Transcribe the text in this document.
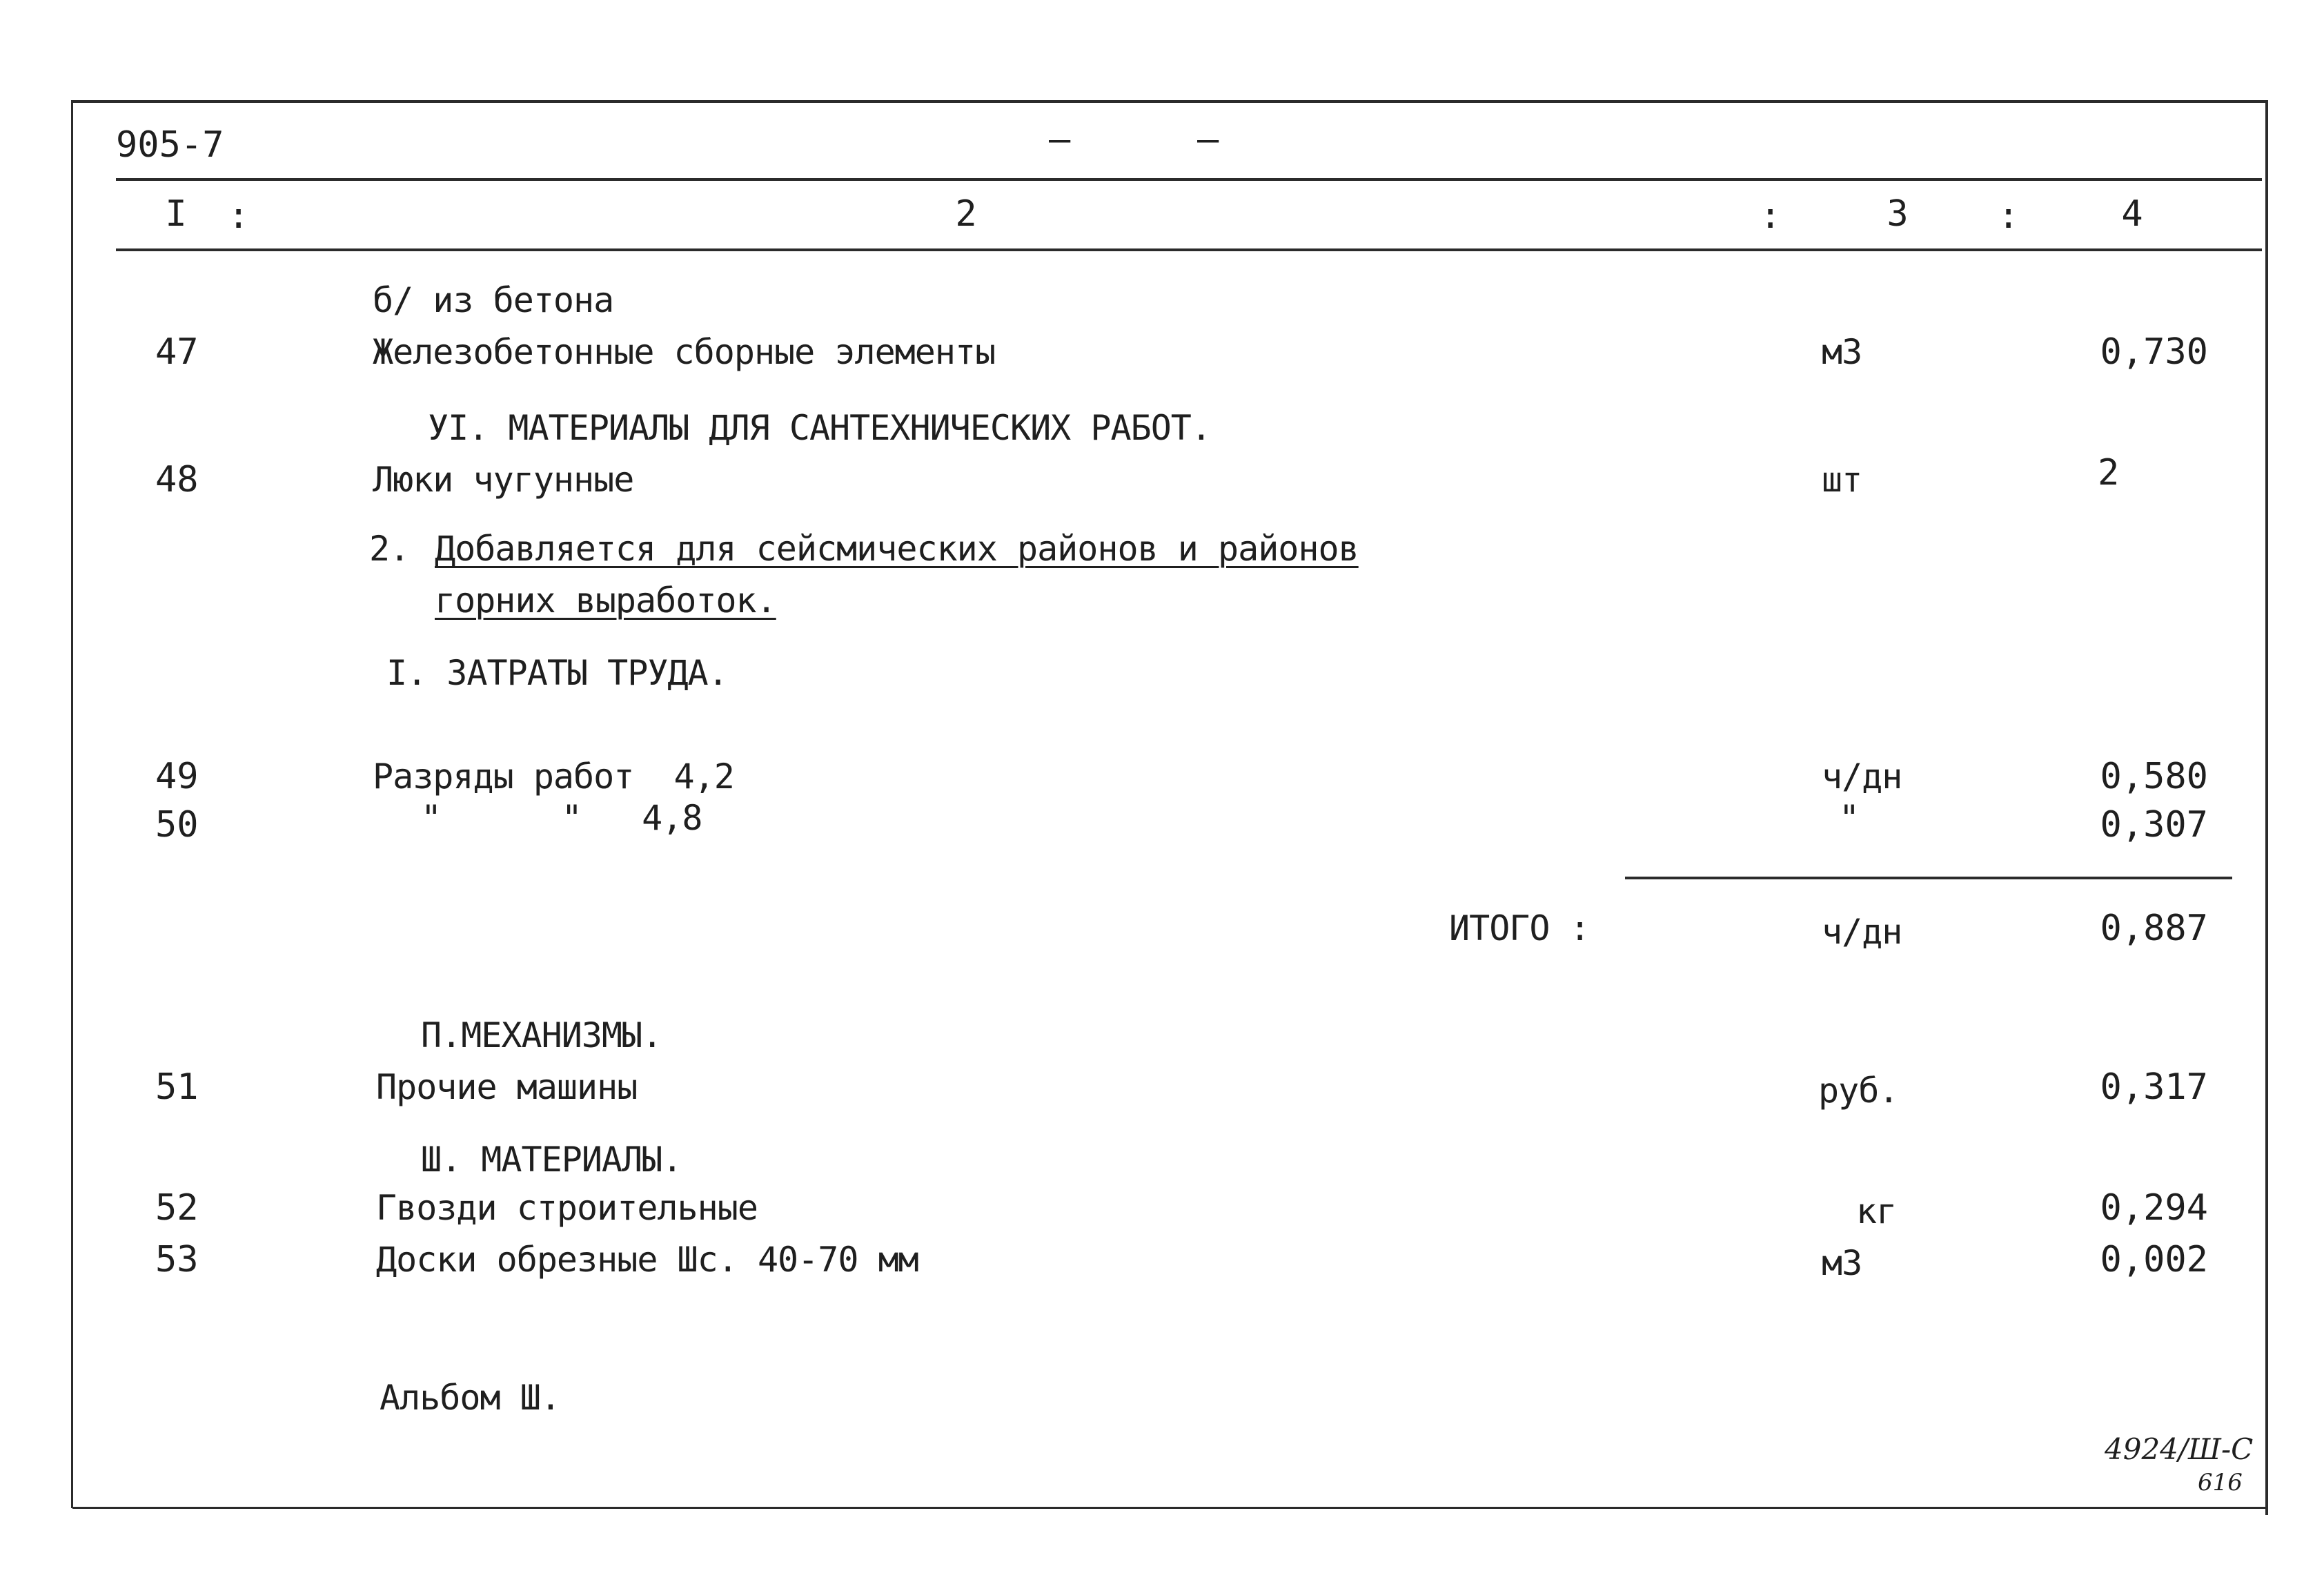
905-7	–	–
I :	2	:	3	:	4
б/ из бетона
47	Железобетонные сборные элементы	м3	0,730
УI. МАТЕРИАЛЫ ДЛЯ САНТЕХНИЧЕСКИХ РАБОТ.
48	Люки чугунные	шт	2
2. Добавляется для сейсмических районов и районов
горних выработок.
I. ЗАТРАТЫ ТРУДА.
49	Разряды работ  4,2	ч/дн	0,580
50	"      "   4,8	"	0,307
ИТОГО :	ч/дн	0,887
П.МЕХАНИЗМЫ.
51	Прочие машины	руб.	0,317
Ш. МАТЕРИАЛЫ.
52	Гвозди строительные	кг	0,294
53	Доски обрезные Шс. 40-70 мм	м3	0,002
Альбом Ш.
4924/Ш-С
616
